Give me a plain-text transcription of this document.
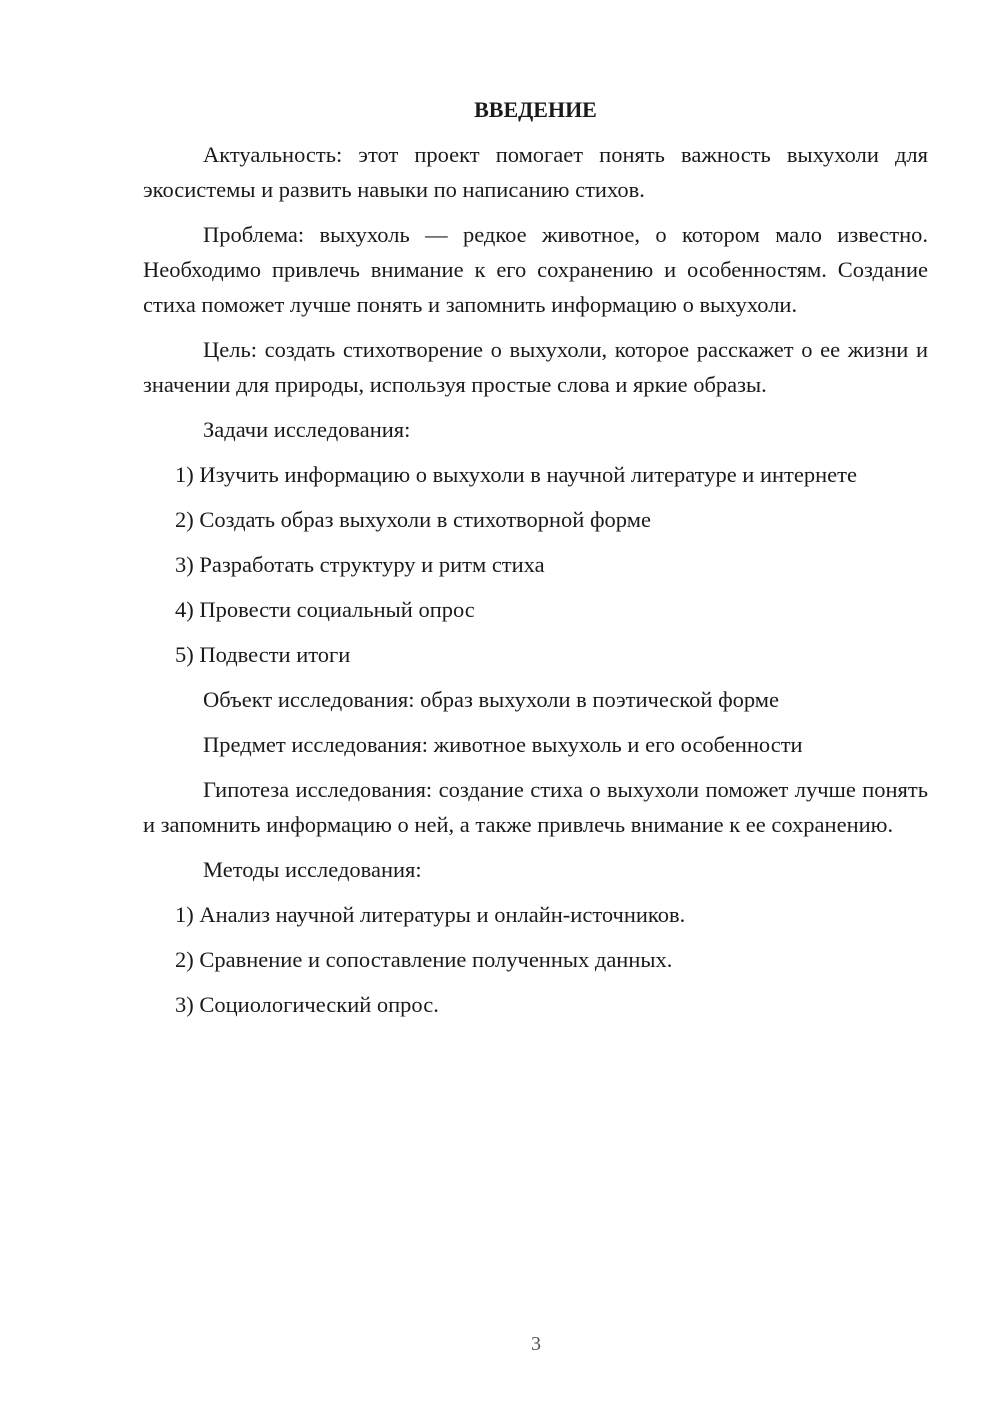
ВВЕДЕНИЕ

Актуальность: этот проект помогает понять важность выхухоли для экосистемы и развить навыки по написанию стихов.

Проблема: выхухоль — редкое животное, о котором мало известно. Необходимо привлечь внимание к его сохранению и особенностям. Создание стиха поможет лучше понять и запомнить информацию о выхухоли.

Цель: создать стихотворение о выхухоли, которое расскажет о ее жизни и значении для природы, используя простые слова и яркие образы.

Задачи исследования:

1) Изучить информацию о выхухоли в научной литературе и интернете

2) Создать образ выхухоли в стихотворной форме

3) Разработать структуру и ритм стиха

4) Провести социальный опрос

5) Подвести итоги

Объект исследования: образ выхухоли в поэтической форме

Предмет исследования: животное выхухоль и его особенности

Гипотеза исследования: создание стиха о выхухоли поможет лучше понять и запомнить информацию о ней, а также привлечь внимание к ее сохранению.

Методы исследования:

1) Анализ научной литературы и онлайн-источников.

2) Сравнение и сопоставление полученных данных.

3) Социологический опрос.

3
